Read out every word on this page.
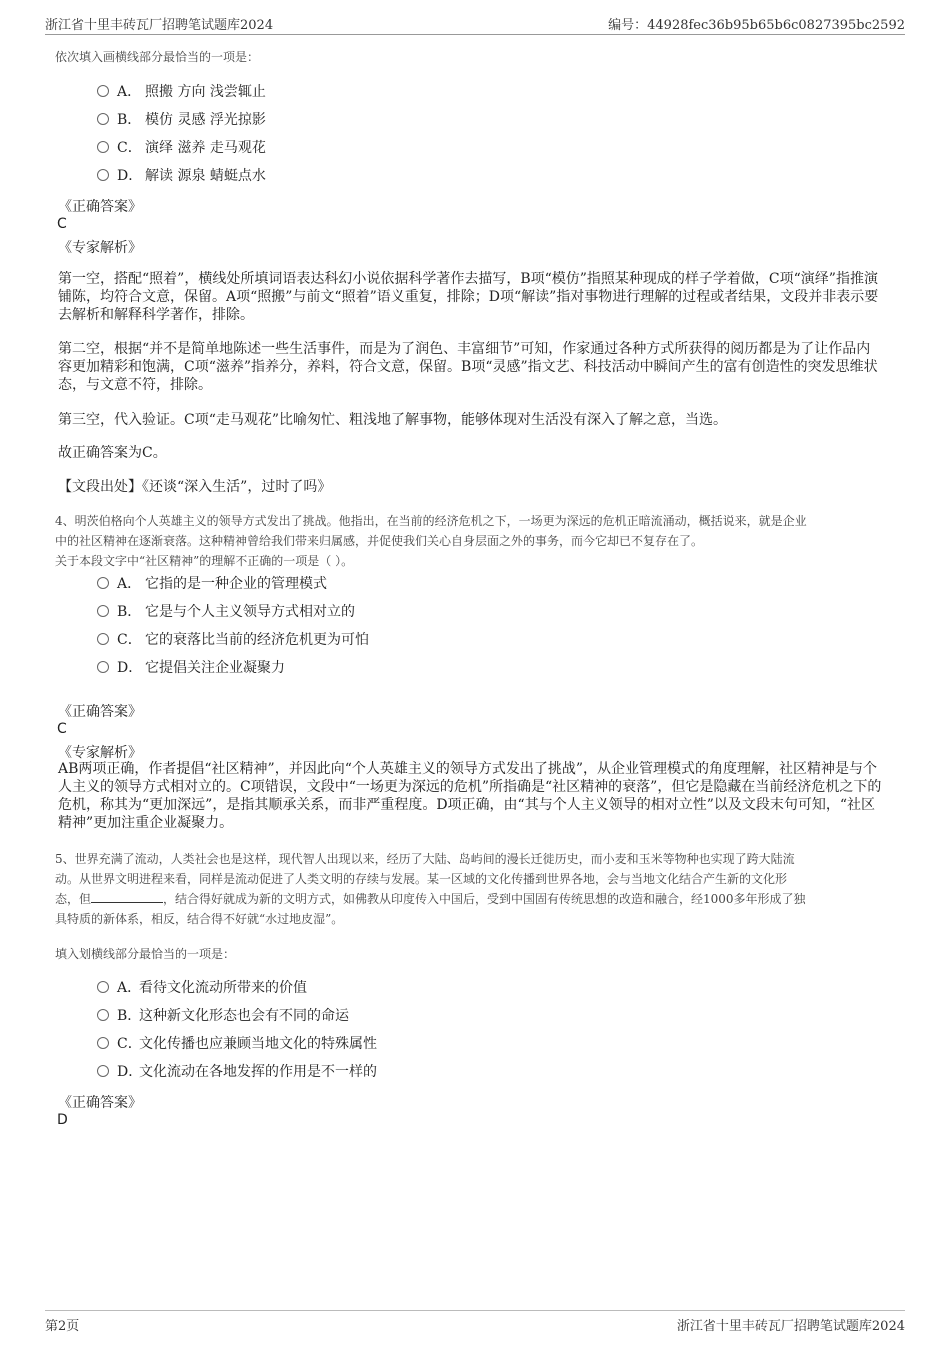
浙江省十里丰砖瓦厂招聘笔试题库2024	编号：44928fec36b95b65b6c0827395bc2592
依次填入画横线部分最恰当的一项是：
A． 照搬 方向 浅尝辄止
B． 模仿 灵感 浮光掠影
C． 演绎 滋养 走马观花
D． 解读 源泉 蜻蜓点水
《正确答案》
C
《专家解析》
第一空，搭配“照着”，横线处所填词语表达科幻小说依据科学著作去描写，B项“模仿”指照某种现成的样子学着做，C项“演绎”指推演铺陈，均符合文意，保留。A项“照搬”与前文“照着”语义重复，排除；D项“解读”指对事物进行理解的过程或者结果，文段并非表示要去解析和解释科学著作，排除。
第二空，根据“并不是简单地陈述一些生活事件，而是为了润色、丰富细节”可知，作家通过各种方式所获得的阅历都是为了让作品内容更加精彩和饱满，C项“滋养”指养分，养料，符合文意，保留。B项“灵感”指文艺、科技活动中瞬间产生的富有创造性的突发思维状态，与文意不符，排除。
第三空，代入验证。C项“走马观花”比喻匆忙、粗浅地了解事物，能够体现对生活没有深入了解之意，当选。
故正确答案为C。
【文段出处】《还谈“深入生活”，过时了吗》
4、明茨伯格向个人英雄主义的领导方式发出了挑战。他指出，在当前的经济危机之下，一场更为深远的危机正暗流涌动，概括说来，就是企业
中的社区精神在逐渐衰落。这种精神曾给我们带来归属感，并促使我们关心自身层面之外的事务，而今它却已不复存在了。
关于本段文字中“社区精神”的理解不正确的一项是（ ）。
A． 它指的是一种企业的管理模式
B． 它是与个人主义领导方式相对立的
C． 它的衰落比当前的经济危机更为可怕
D． 它提倡关注企业凝聚力
《正确答案》
C
《专家解析》
AB两项正确，作者提倡“社区精神”，并因此向“个人英雄主义的领导方式发出了挑战”，从企业管理模式的角度理解，社区精神是与个人主义的领导方式相对立的。C项错误，文段中“一场更为深远的危机”所指确是“社区精神的衰落”，但它是隐藏在当前经济危机之下的危机，称其为“更加深远”，是指其顺承关系，而非严重程度。D项正确，由“其与个人主义领导的相对立性”以及文段末句可知，“社区精神”更加注重企业凝聚力。
5、世界充满了流动，人类社会也是这样，现代智人出现以来，经历了大陆、岛屿间的漫长迁徙历史，而小麦和玉米等物种也实现了跨大陆流
动。从世界文明进程来看，同样是流动促进了人类文明的存续与发展。某一区域的文化传播到世界各地，会与当地文化结合产生新的文化形
态，但	，结合得好就成为新的文明方式，如佛教从印度传入中国后，受到中国固有传统思想的改造和融合，经1000多年形成了独
具特质的新体系，相反，结合得不好就“水过地皮湿”。
填入划横线部分最恰当的一项是：
A．看待文化流动所带来的价值
B．这种新文化形态也会有不同的命运
C．文化传播也应兼顾当地文化的特殊属性
D．文化流动在各地发挥的作用是不一样的
《正确答案》
D
第2页	浙江省十里丰砖瓦厂招聘笔试题库2024
